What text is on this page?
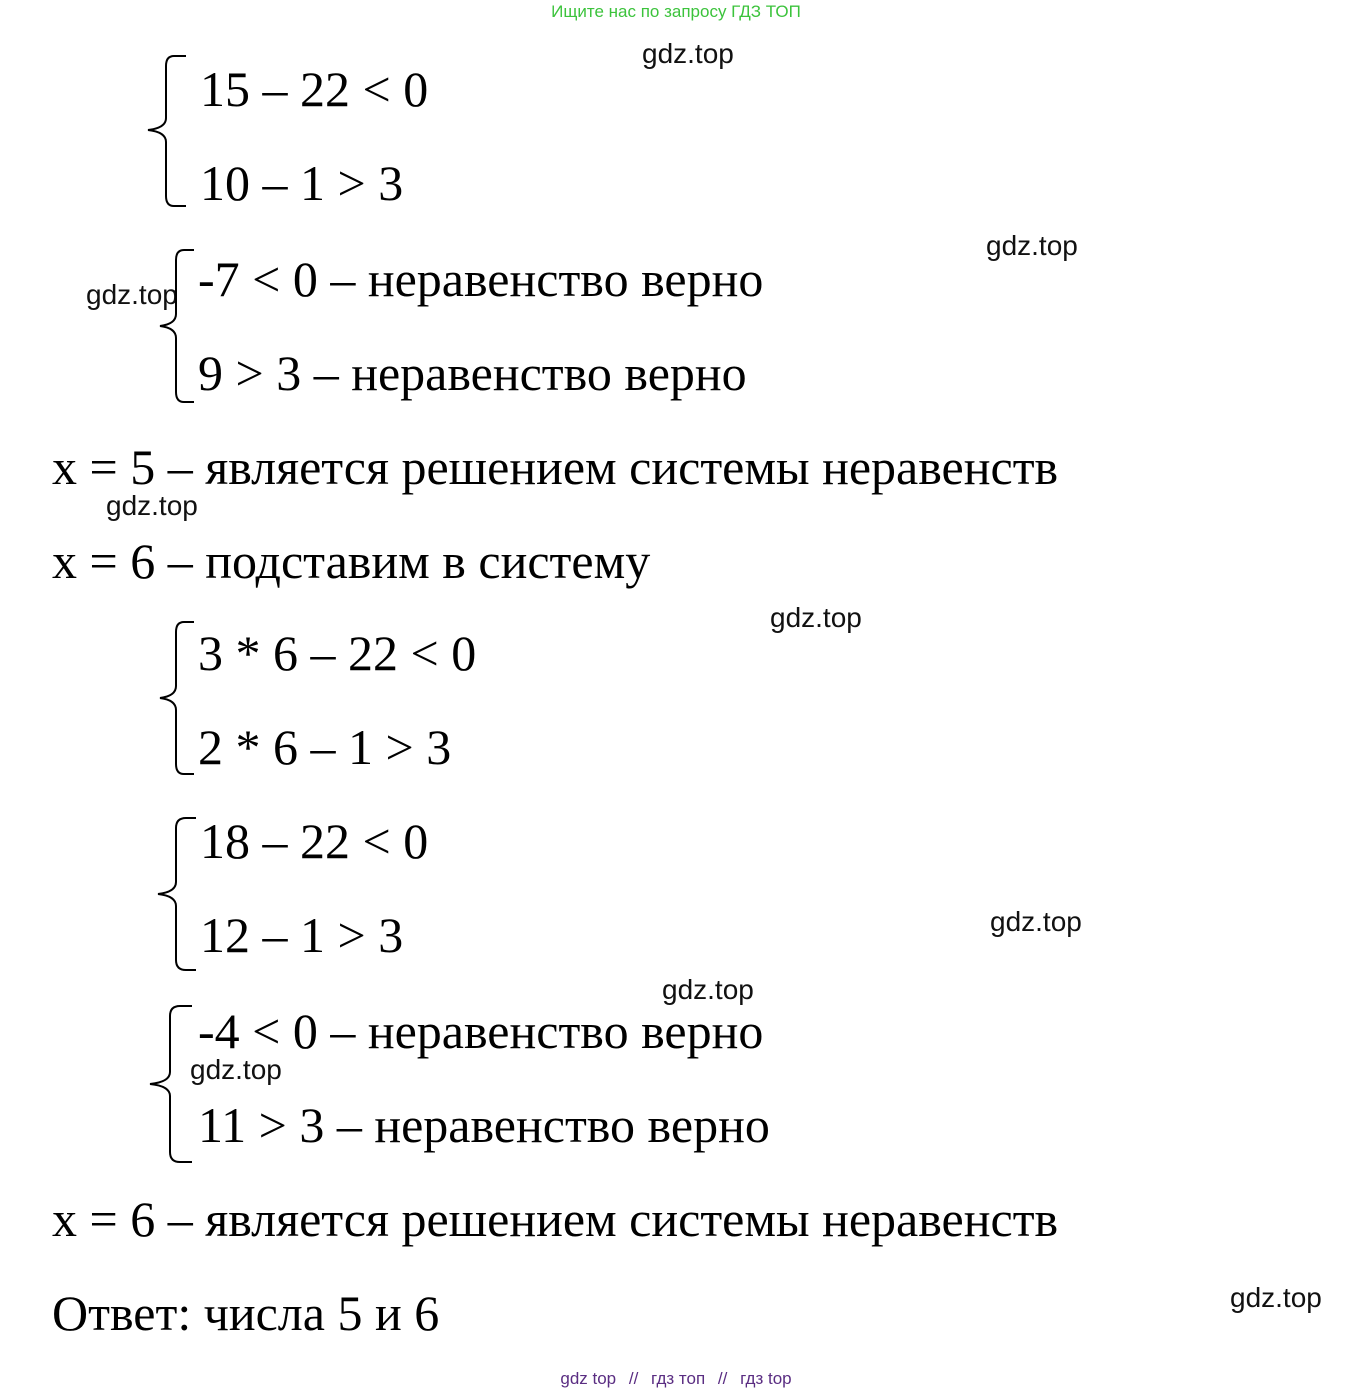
Ищите нас по запросу ГДЗ ТОП
gdz.top
gdz.top
gdz.top
gdz.top
gdz.top
gdz.top
gdz.top
gdz.top
gdz.top
15 – 22 < 0
10 – 1 > 3
-7 < 0 – неравенство верно
9 > 3 – неравенство верно
x = 5 – является решением системы неравенств
x = 6 – подставим в систему
3 * 6 – 22 < 0
2 * 6 – 1 > 3
18 – 22 < 0
12 – 1 > 3
-4 < 0 – неравенство верно
11 > 3 – неравенство верно
x = 6 – является решением системы неравенств
Ответ: числа 5 и 6
gdz top // гдз топ // гдз top
